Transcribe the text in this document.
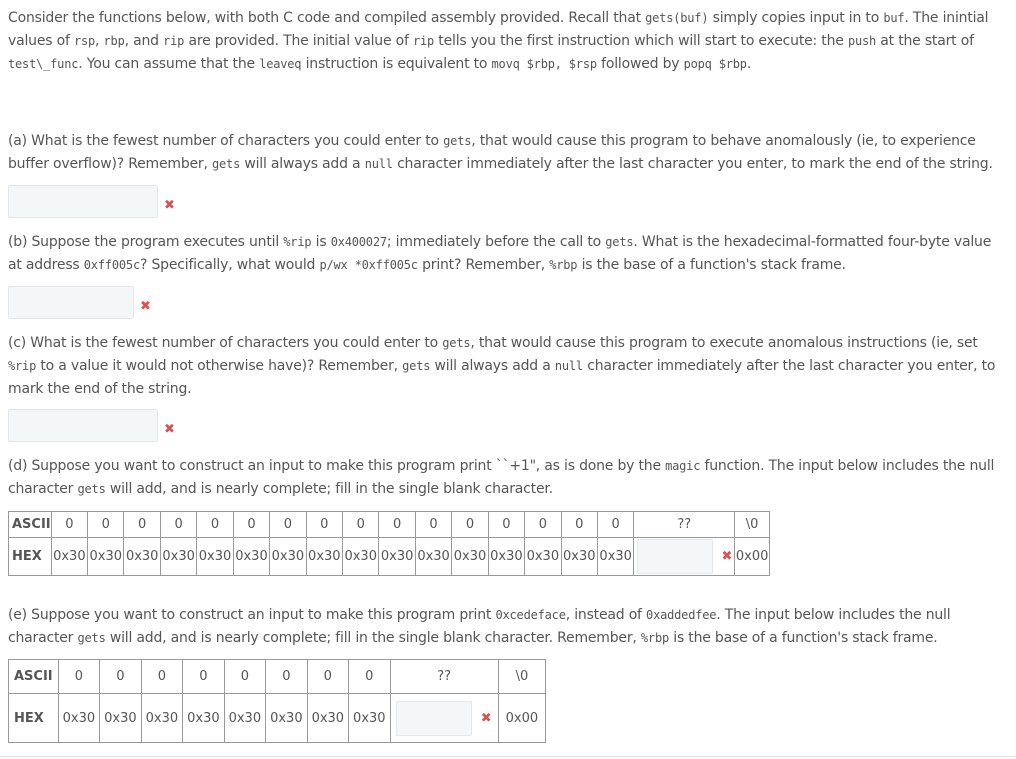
Consider the functions below, with both C code and compiled assembly provided. Recall that gets(buf) simply copies input in to buf. The inintial values of rsp, rbp, and rip are provided. The initial value of rip tells you the first instruction which will start to execute: the push at the start of test\_func. You can assume that the leaveq instruction is equivalent to movq $rbp, $rsp followed by popq $rbp.
(a) What is the fewest number of characters you could enter to gets, that would cause this program to behave anomalously (ie, to experience buffer overflow)? Remember, gets will always add a null character immediately after the last character you enter, to mark the end of the string.
✖
(b) Suppose the program executes until %rip is 0x400027; immediately before the call to gets. What is the hexadecimal-formatted four-byte value at address 0xff005c? Specifically, what would p/wx *0xff005c print? Remember, %rbp is the base of a function's stack frame.
✖
(c) What is the fewest number of characters you could enter to gets, that would cause this program to execute anomalous instructions (ie, set %rip to a value it would not otherwise have)? Remember, gets will always add a null character immediately after the last character you enter, to mark the end of the string.
✖
(d) Suppose you want to construct an input to make this program print ``+1", as is done by the magic function. The input below includes the null character gets will add, and is nearly complete; fill in the single blank character.
ASCII	0	0	0	0	0	0	0	0	0	0	0	0	0	0	0	0	??	\0
HEX	0x30	0x30	0x30	0x30	0x30	0x30	0x30	0x30	0x30	0x30	0x30	0x30	0x30	0x30	0x30	0x30	✖	0x00
(e) Suppose you want to construct an input to make this program print 0xcedeface, instead of 0xaddedfee. The input below includes the null character gets will add, and is nearly complete; fill in the single blank character. Remember, %rbp is the base of a function's stack frame.
ASCII	0	0	0	0	0	0	0	0	??	\0
HEX	0x30	0x30	0x30	0x30	0x30	0x30	0x30	0x30	✖	0x00
